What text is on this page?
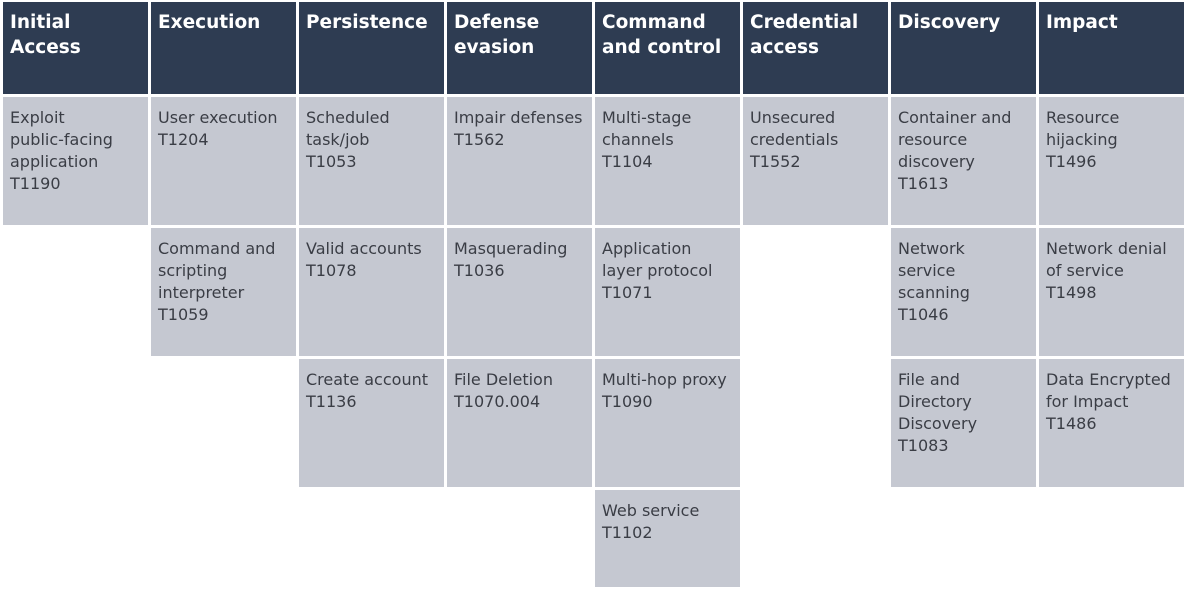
Initial
Access
Exploit
public-facing
application
T1190
Execution
User execution
T1204
Command and
scripting
interpreter
T1059
Persistence
Scheduled
task/job
T1053
Valid accounts
T1078
Create account
T1136
Defense
evasion
Impair defenses
T1562
Masquerading
T1036
File Deletion
T1070.004
Command
and control
Multi-stage
channels
T1104
Application
layer protocol
T1071
Multi-hop proxy
T1090
Web service
T1102
Credential
access
Unsecured
credentials
T1552
Discovery
Container and
resource
discovery
T1613
Network
service
scanning
T1046
File and
Directory
Discovery
T1083
Impact
Resource
hijacking
T1496
Network denial
of service
T1498
Data Encrypted
for Impact
T1486
